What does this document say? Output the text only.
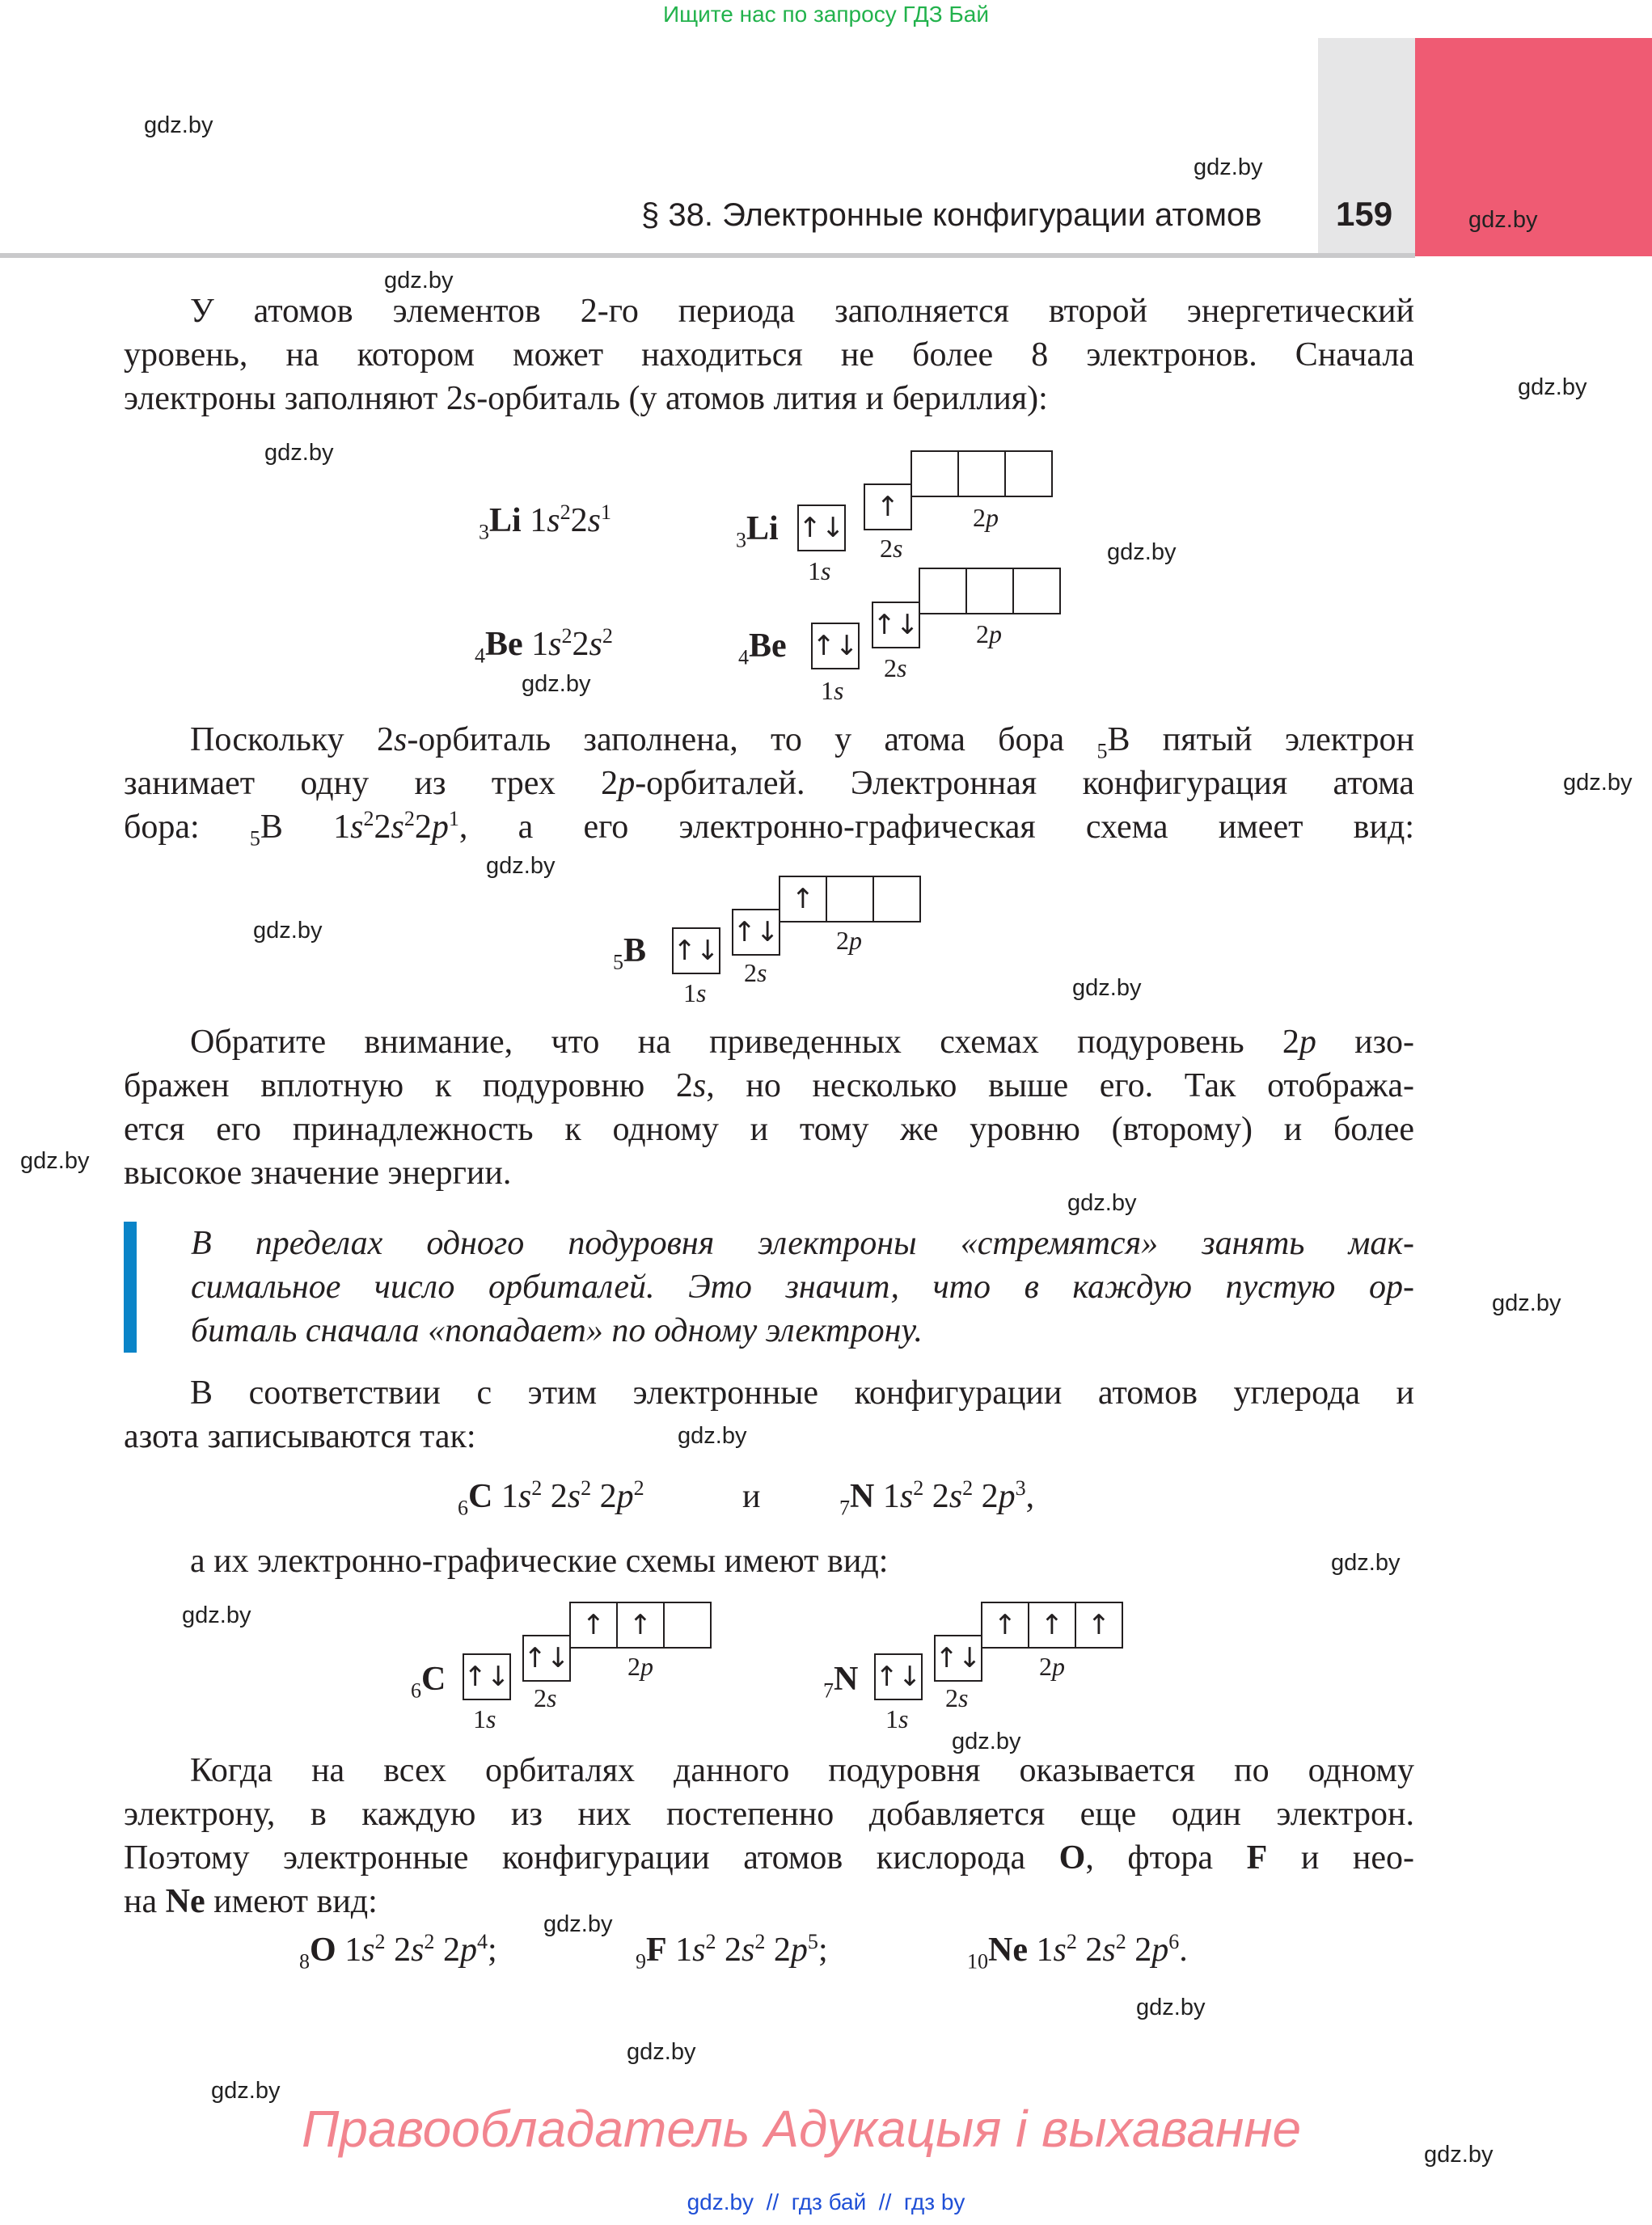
Ищите нас по запросу ГДЗ Бай
§ 38. Электронные конфигурации атомов 159
gdz.by
gdz.by
gdz.by
gdz.by
gdz.by
gdz.by
gdz.by
gdz.by
gdz.by
gdz.by
gdz.by
gdz.by
gdz.by
gdz.by
gdz.by
gdz.by
gdz.by
gdz.by
gdz.by
gdz.by
gdz.by
gdz.by
gdz.by
gdz.by
У атомов элементов 2-го периода заполняется второй энергетический
уровень, на котором может находиться не более 8 электронов. Сначала
электроны заполняют 2s-орбиталь (у атомов лития и бериллия):
$_3$Li $1s^22s^1$
$_4$Be $1s^22s^2$
$_3$Li ↑↓
1s
↑
2s
2p
$_4$Be ↑↓
1s
↑↓
2s
2p
Поскольку 2s-орбиталь заполнена, то у атома бора $_5$B пятый электрон
занимает одну из трех 2p-орбиталей. Электронная конфигурация атома
бора: $_5$B $1s^22s^22p^1$, а его электронно-графическая схема имеет вид:
$_5$B ↑↓
1s
↑↓
2s
↑
2p
Обратите внимание, что на приведенных схемах подуровень 2p изо-
бражен вплотную к подуровню 2s, но несколько выше его. Так отобража-
ется его принадлежность к одному и тому же уровню (второму) и более
высокое значение энергии.
В пределах одного подуровня электроны «стремятся» занять мак-
симальное число орбиталей. Это значит, что в каждую пустую ор-
биталь сначала «попадает» по одному электрону.
В соответствии с этим электронные конфигурации атомов углерода и
азота записываются так:
$_6$C $1s^2$ $2s^2$ $2p^2$	и	$_7$N $1s^2$ $2s^2$ $2p^3$,
а их электронно-графические схемы имеют вид:
$_6$C ↑↓
1s
↑↓
2s
↑ ↑
2p
$_7$N ↑↓
1s
↑↓
2s
↑ ↑ ↑
2p
Когда на всех орбиталях данного подуровня оказывается по одному
электрону, в каждую из них постепенно добавляется еще один электрон.
Поэтому электронные конфигурации атомов кислорода O, фтора F и нео-
на Ne имеют вид:
$_8$O $1s^2$ $2s^2$ $2p^4$;	$_9$F $1s^2$ $2s^2$ $2p^5$;	$_{10}$Ne $1s^2$ $2s^2$ $2p^6$.
Правообладатель Адукацыя і выхаванне
gdz.by  //  гдз бай  //  гдз by
